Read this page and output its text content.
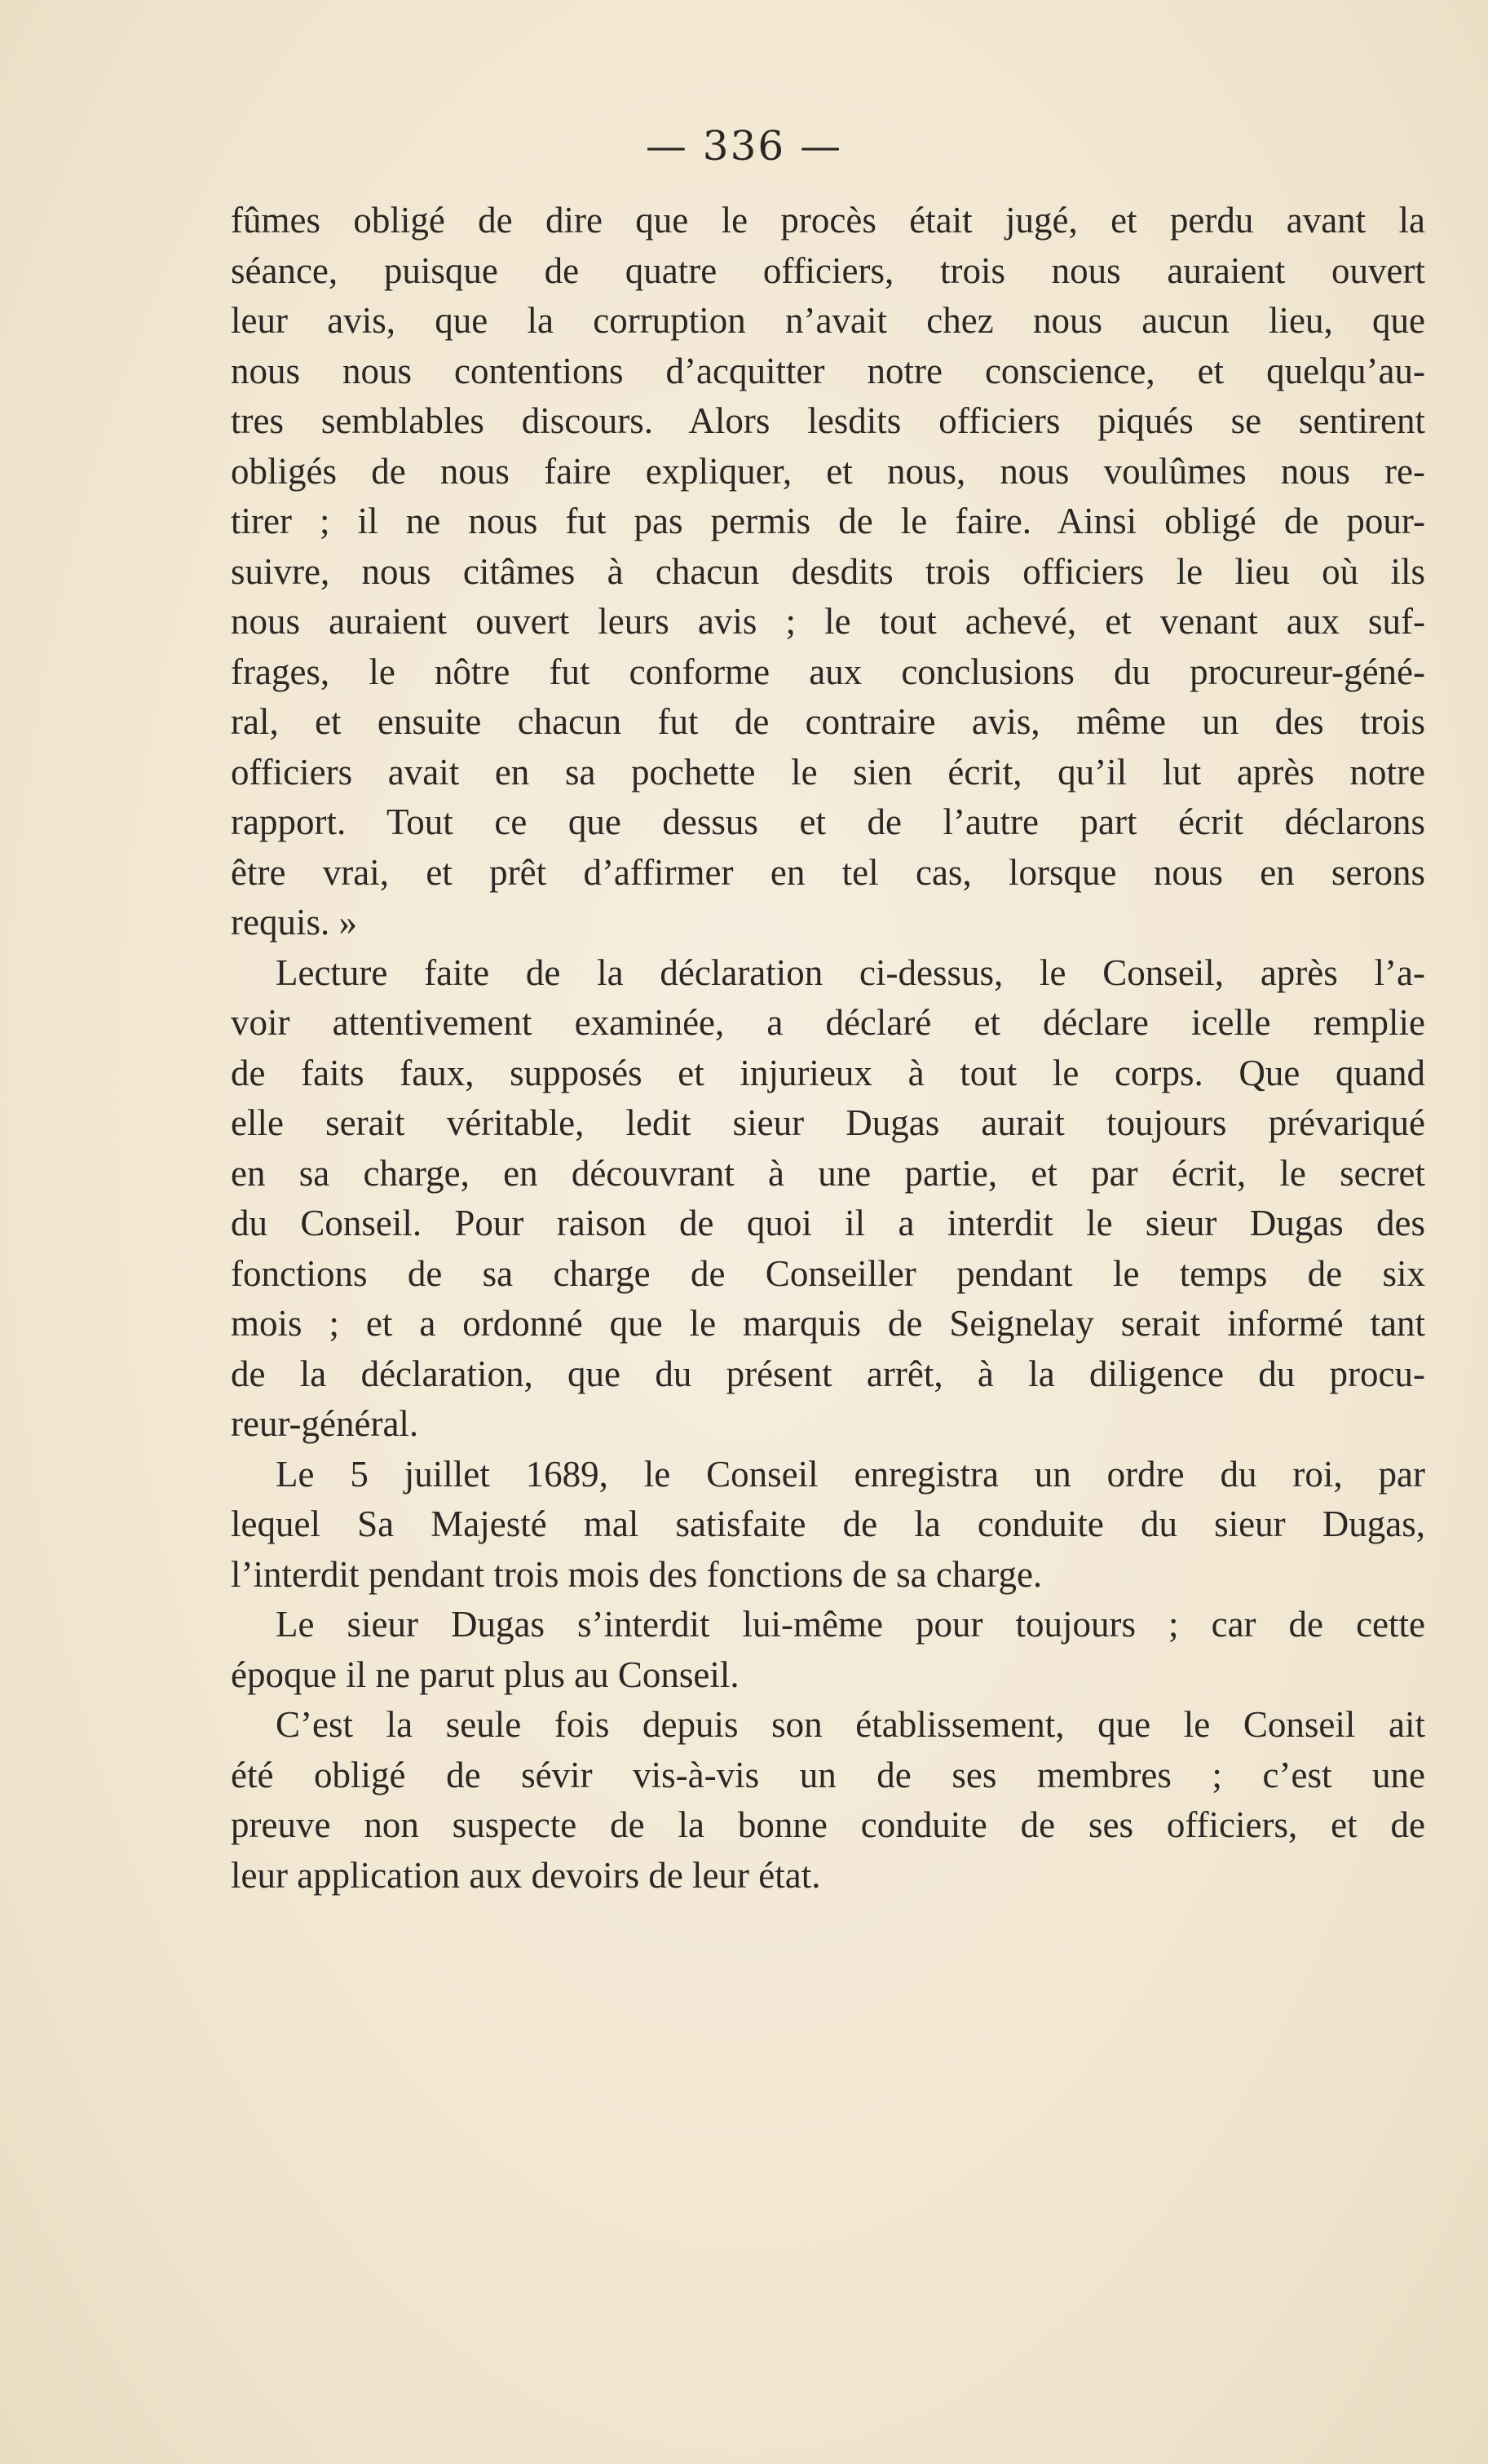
— 336 —
fûmes obligé de dire que le procès était jugé, et perdu avant la
séance, puisque de quatre officiers, trois nous auraient ouvert
leur avis, que la corruption n’avait chez nous aucun lieu, que
nous nous contentions d’acquitter notre conscience, et quelqu’au-
tres semblables discours. Alors lesdits officiers piqués se sentirent
obligés de nous faire expliquer, et nous, nous voulûmes nous re-
tirer ; il ne nous fut pas permis de le faire. Ainsi obligé de pour-
suivre, nous citâmes à chacun desdits trois officiers le lieu où ils
nous auraient ouvert leurs avis ; le tout achevé, et venant aux suf-
frages, le nôtre fut conforme aux conclusions du procureur-géné-
ral, et ensuite chacun fut de contraire avis, même un des trois
officiers avait en sa pochette le sien écrit, qu’il lut après notre
rapport. Tout ce que dessus et de l’autre part écrit déclarons
être vrai, et prêt d’affirmer en tel cas, lorsque nous en serons
requis. »
Lecture faite de la déclaration ci-dessus, le Conseil, après l’a-
voir attentivement examinée, a déclaré et déclare icelle remplie
de faits faux, supposés et injurieux à tout le corps. Que quand
elle serait véritable, ledit sieur Dugas aurait toujours prévariqué
en sa charge, en découvrant à une partie, et par écrit, le secret
du Conseil. Pour raison de quoi il a interdit le sieur Dugas des
fonctions de sa charge de Conseiller pendant le temps de six
mois ; et a ordonné que le marquis de Seignelay serait informé tant
de la déclaration, que du présent arrêt, à la diligence du procu-
reur-général.
Le 5 juillet 1689, le Conseil enregistra un ordre du roi, par
lequel Sa Majesté mal satisfaite de la conduite du sieur Dugas,
l’interdit pendant trois mois des fonctions de sa charge.
Le sieur Dugas s’interdit lui-même pour toujours ; car de cette
époque il ne parut plus au Conseil.
C’est la seule fois depuis son établissement, que le Conseil ait
été obligé de sévir vis-à-vis un de ses membres ; c’est une
preuve non suspecte de la bonne conduite de ses officiers, et de
leur application aux devoirs de leur état.
